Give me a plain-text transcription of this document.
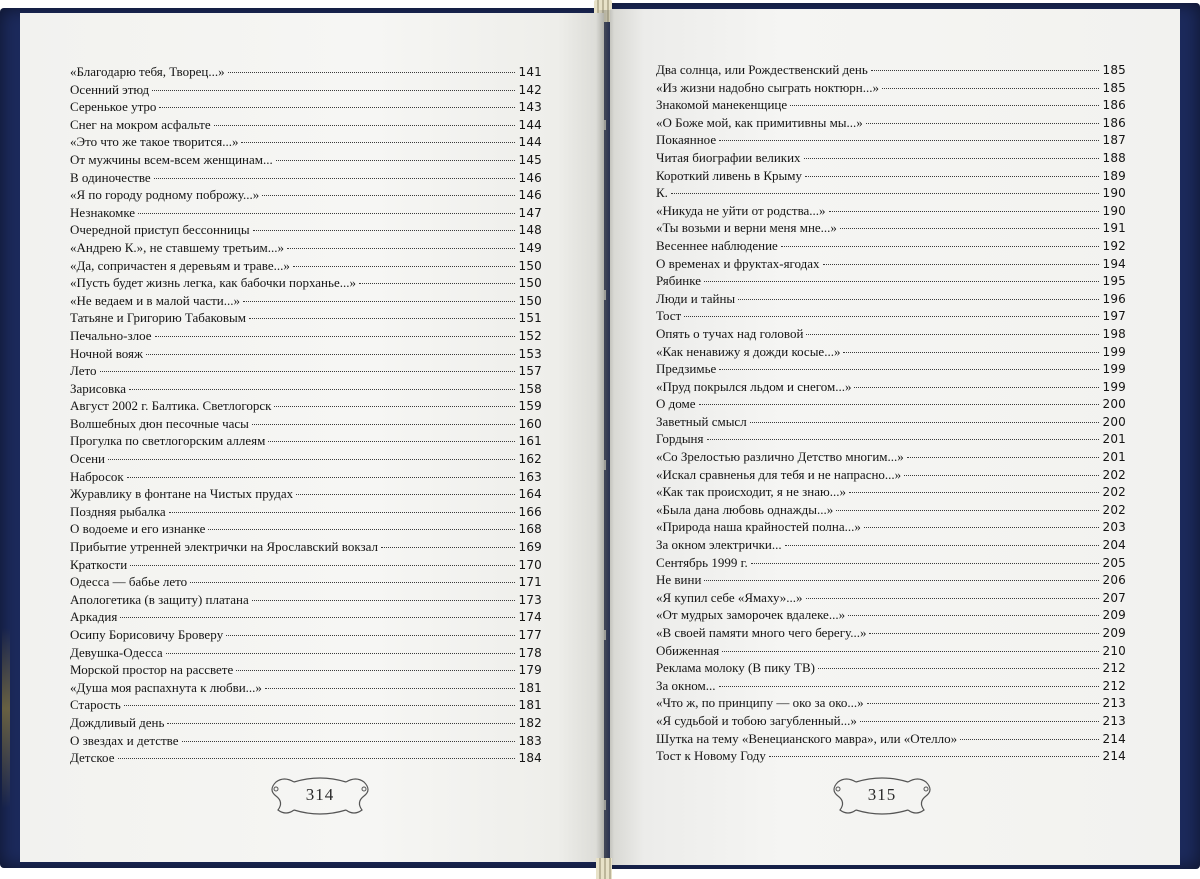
«Благодарю тебя, Творец...»	141
Осенний этюд	142
Серенькое утро	143
Снег на мокром асфальте	144
«Это что же такое творится...»	144
От мужчины всем-всем женщинам...	145
В одиночестве	146
«Я по городу родному поброжу...»	146
Незнакомке	147
Очередной приступ бессонницы	148
«Андрею К.», не ставшему третьим...»	149
«Да, сопричастен я деревьям и траве...»	150
«Пусть будет жизнь легка, как бабочки порханье...»	150
«Не ведаем и в малой части...»	150
Татьяне и Григорию Табаковым	151
Печально-злое	152
Ночной вояж	153
Лето	157
Зарисовка	158
Август 2002 г. Балтика. Светлогорск	159
Волшебных дюн песочные часы	160
Прогулка по светлогорским аллеям	161
Осени	162
Набросок	163
Журавлику в фонтане на Чистых прудах	164
Поздняя рыбалка	166
О водоеме и его изнанке	168
Прибытие утренней электрички на Ярославский вокзал	169
Краткости	170
Одесса — бабье лето	171
Апологетика (в защиту) платана	173
Аркадия	174
Осипу Борисовичу Бровеpу	177
Девушка-Одесса	178
Морской простор на рассвете	179
«Душа моя распахнута к любви...»	181
Старость	181
Дождливый день	182
О звездах и детстве	183
Детское	184
Два солнца, или Рождественский день	185
«Из жизни надобно сыграть ноктюрн...»	185
Знакомой манекенщице	186
«О Боже мой, как примитивны мы...»	186
Покаянное	187
Читая биографии великих	188
Короткий ливень в Крыму	189
К.	190
«Никуда не уйти от родства...»	190
«Ты возьми и верни меня мне...»	191
Весеннее наблюдение	192
О временах и фруктах-ягодах	194
Рябинке	195
Люди и тайны	196
Тост	197
Опять о тучах над головой	198
«Как ненавижу я дожди косые...»	199
Предзимье	199
«Пруд покрылся льдом и снегом...»	199
О доме	200
Заветный смысл	200
Гордыня	201
«Со Зрелостью различно Детство многим...»	201
«Искал сравненья для тебя и не напрасно...»	202
«Как так происходит, я не знаю...»	202
«Была дана любовь однажды...»	202
«Природа наша крайностей полна...»	203
За окном электрички...	204
Сентябрь 1999 г.	205
Не вини	206
«Я купил себе «Ямаху»...»	207
«От мудрых заморочек вдалеке...»	209
«В своей памяти много чего берегу...»	209
Обиженная	210
Реклама молоку (В пику ТВ)	212
За окном...	212
«Что ж, по принципу — око за око...»	213
«Я судьбой и тобою загубленный...»	213
Шутка на тему «Венецианского мавра», или «Отелло»	214
Тост к Новому Году	214
314	315
